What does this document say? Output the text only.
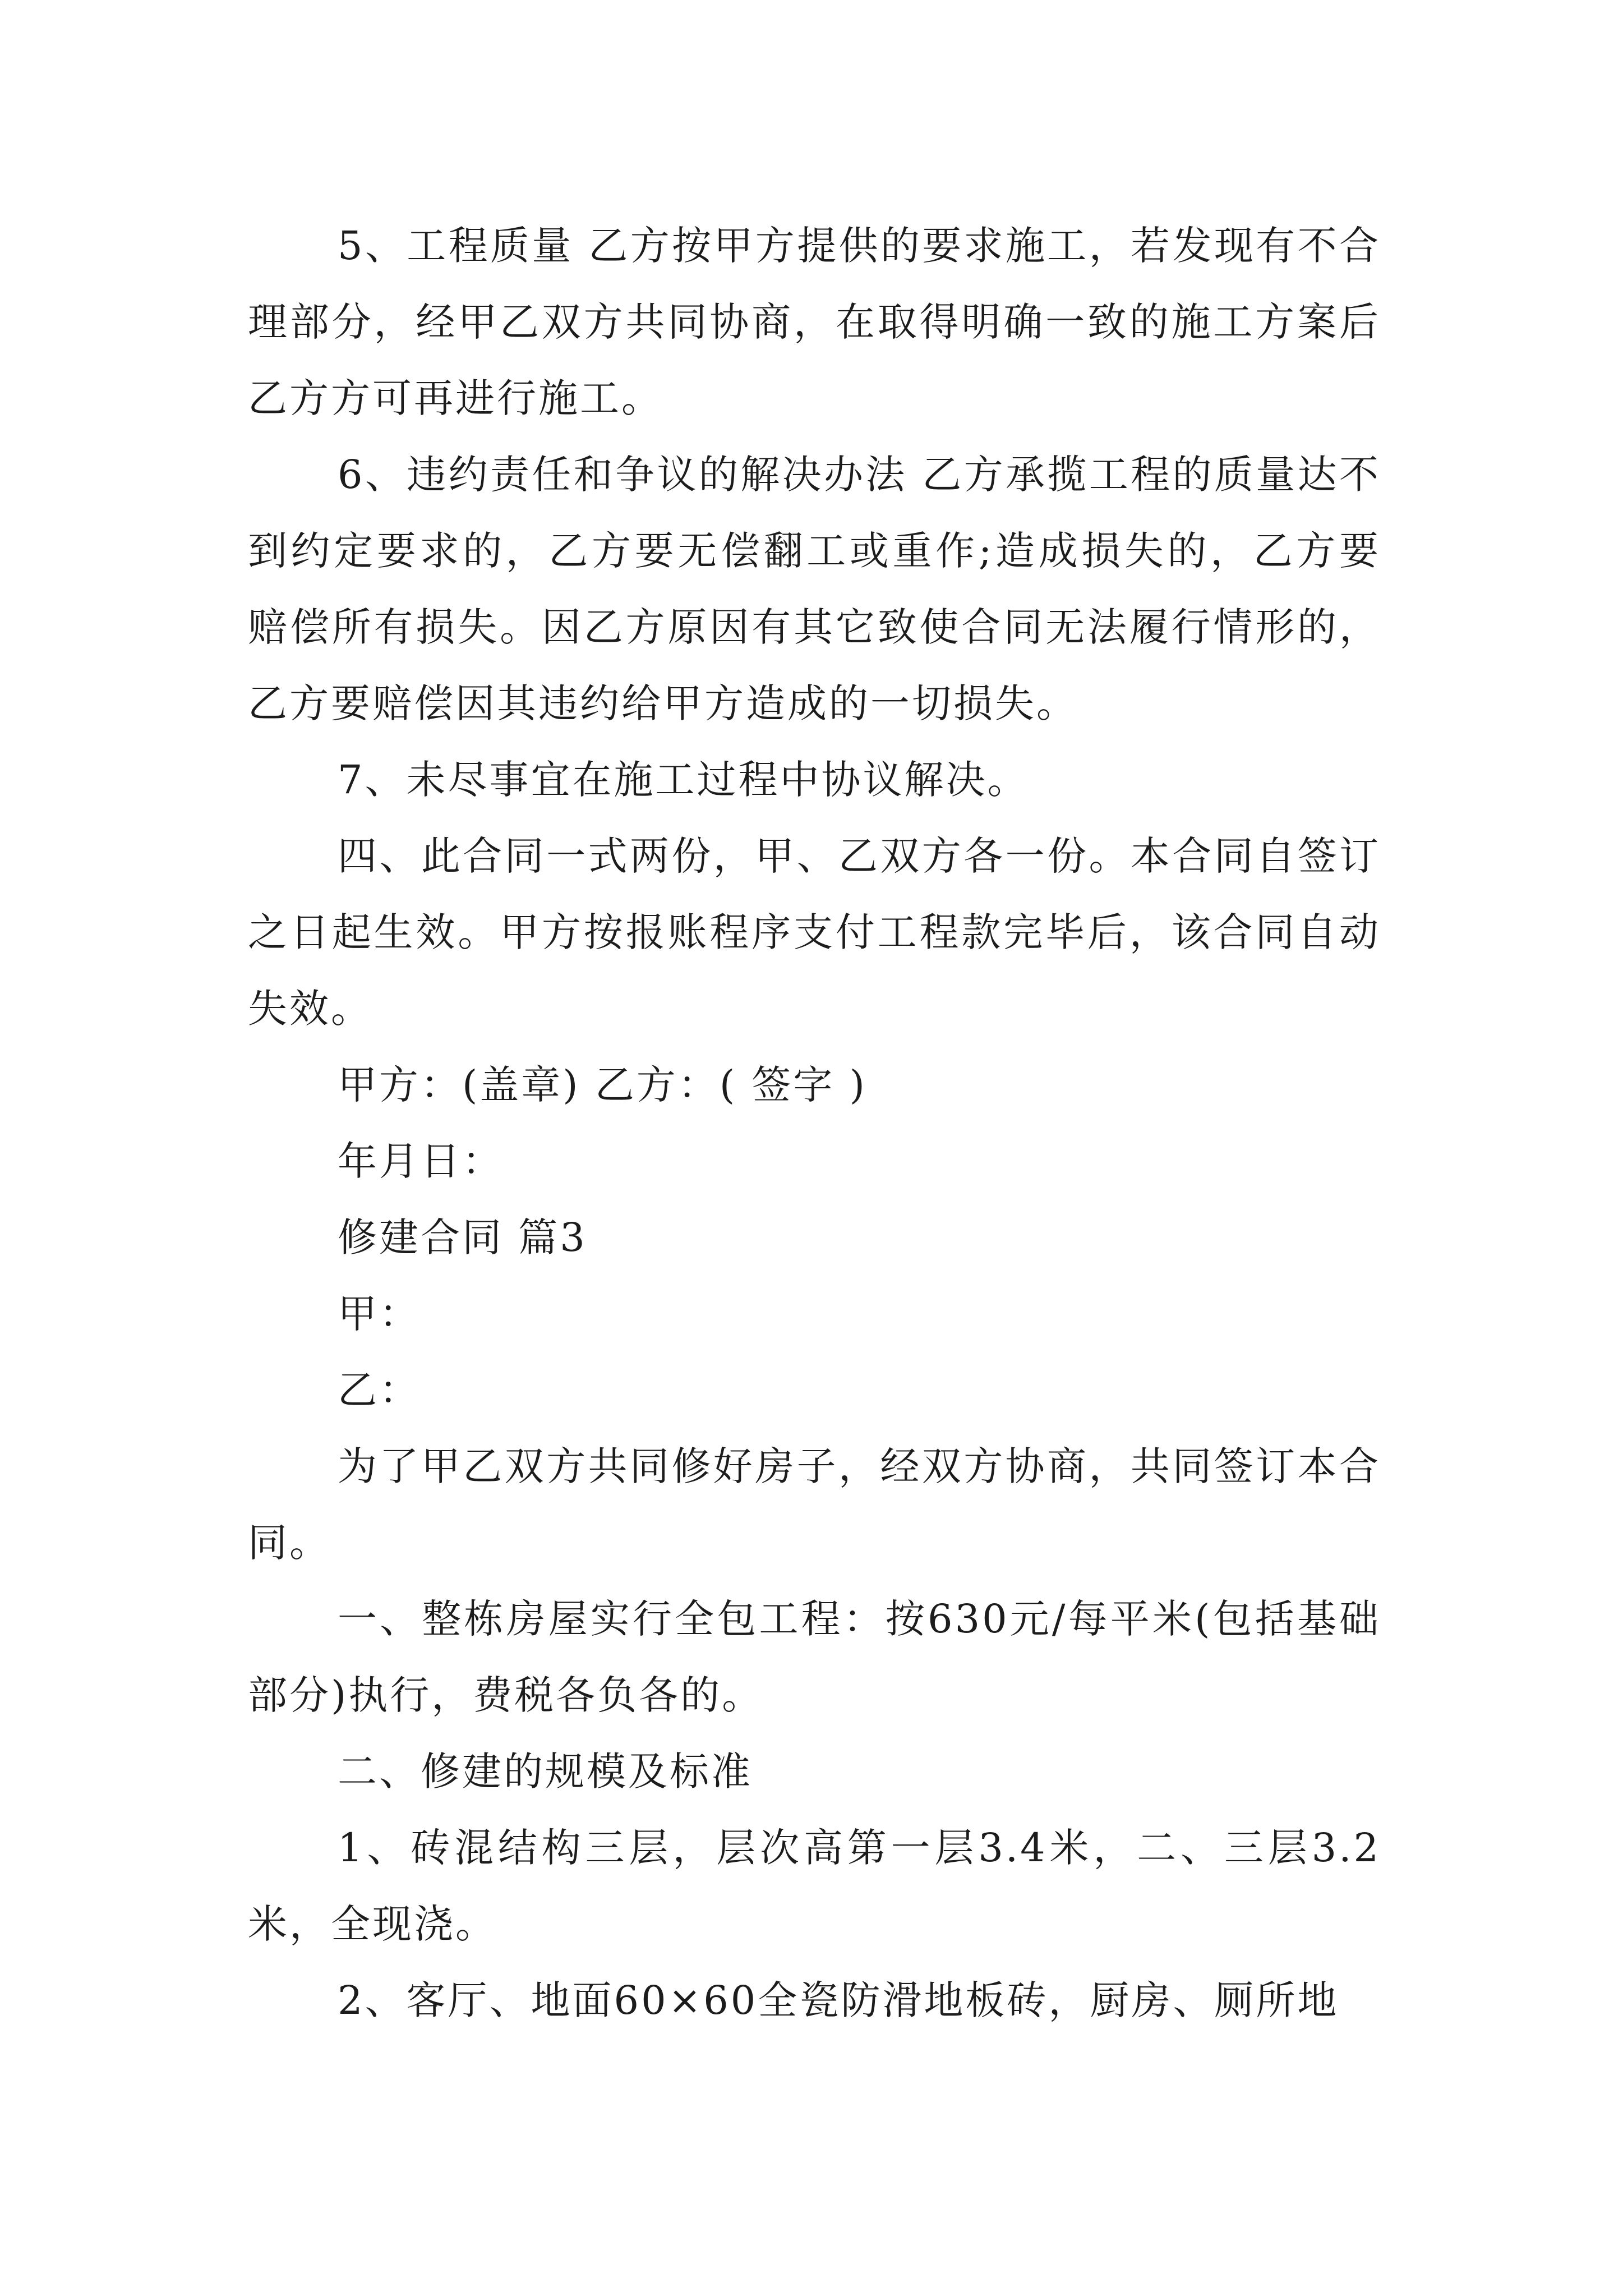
5、工程质量 乙方按甲方提供的要求施工，若发现有不合理部分，经甲乙双方共同协商，在取得明确一致的施工方案后乙方方可再进行施工。

6、违约责任和争议的解决办法 乙方承揽工程的质量达不到约定要求的，乙方要无偿翻工或重作;造成损失的，乙方要赔偿所有损失。因乙方原因有其它致使合同无法履行情形的，乙方要赔偿因其违约给甲方造成的一切损失。

7、未尽事宜在施工过程中协议解决。

四、此合同一式两份，甲、乙双方各一份。本合同自签订之日起生效。甲方按报账程序支付工程款完毕后，该合同自动失效。

甲方：(盖章) 乙方：( 签字 )

年月日：

修建合同 篇3

甲：

乙：

为了甲乙双方共同修好房子，经双方协商，共同签订本合同。

一、整栋房屋实行全包工程：按630元/每平米(包括基础部分)执行，费税各负各的。

二、修建的规模及标准

1、砖混结构三层，层次高第一层3.4米，二、三层3.2米，全现浇。

2、客厅、地面60×60全瓷防滑地板砖，厨房、厕所地
